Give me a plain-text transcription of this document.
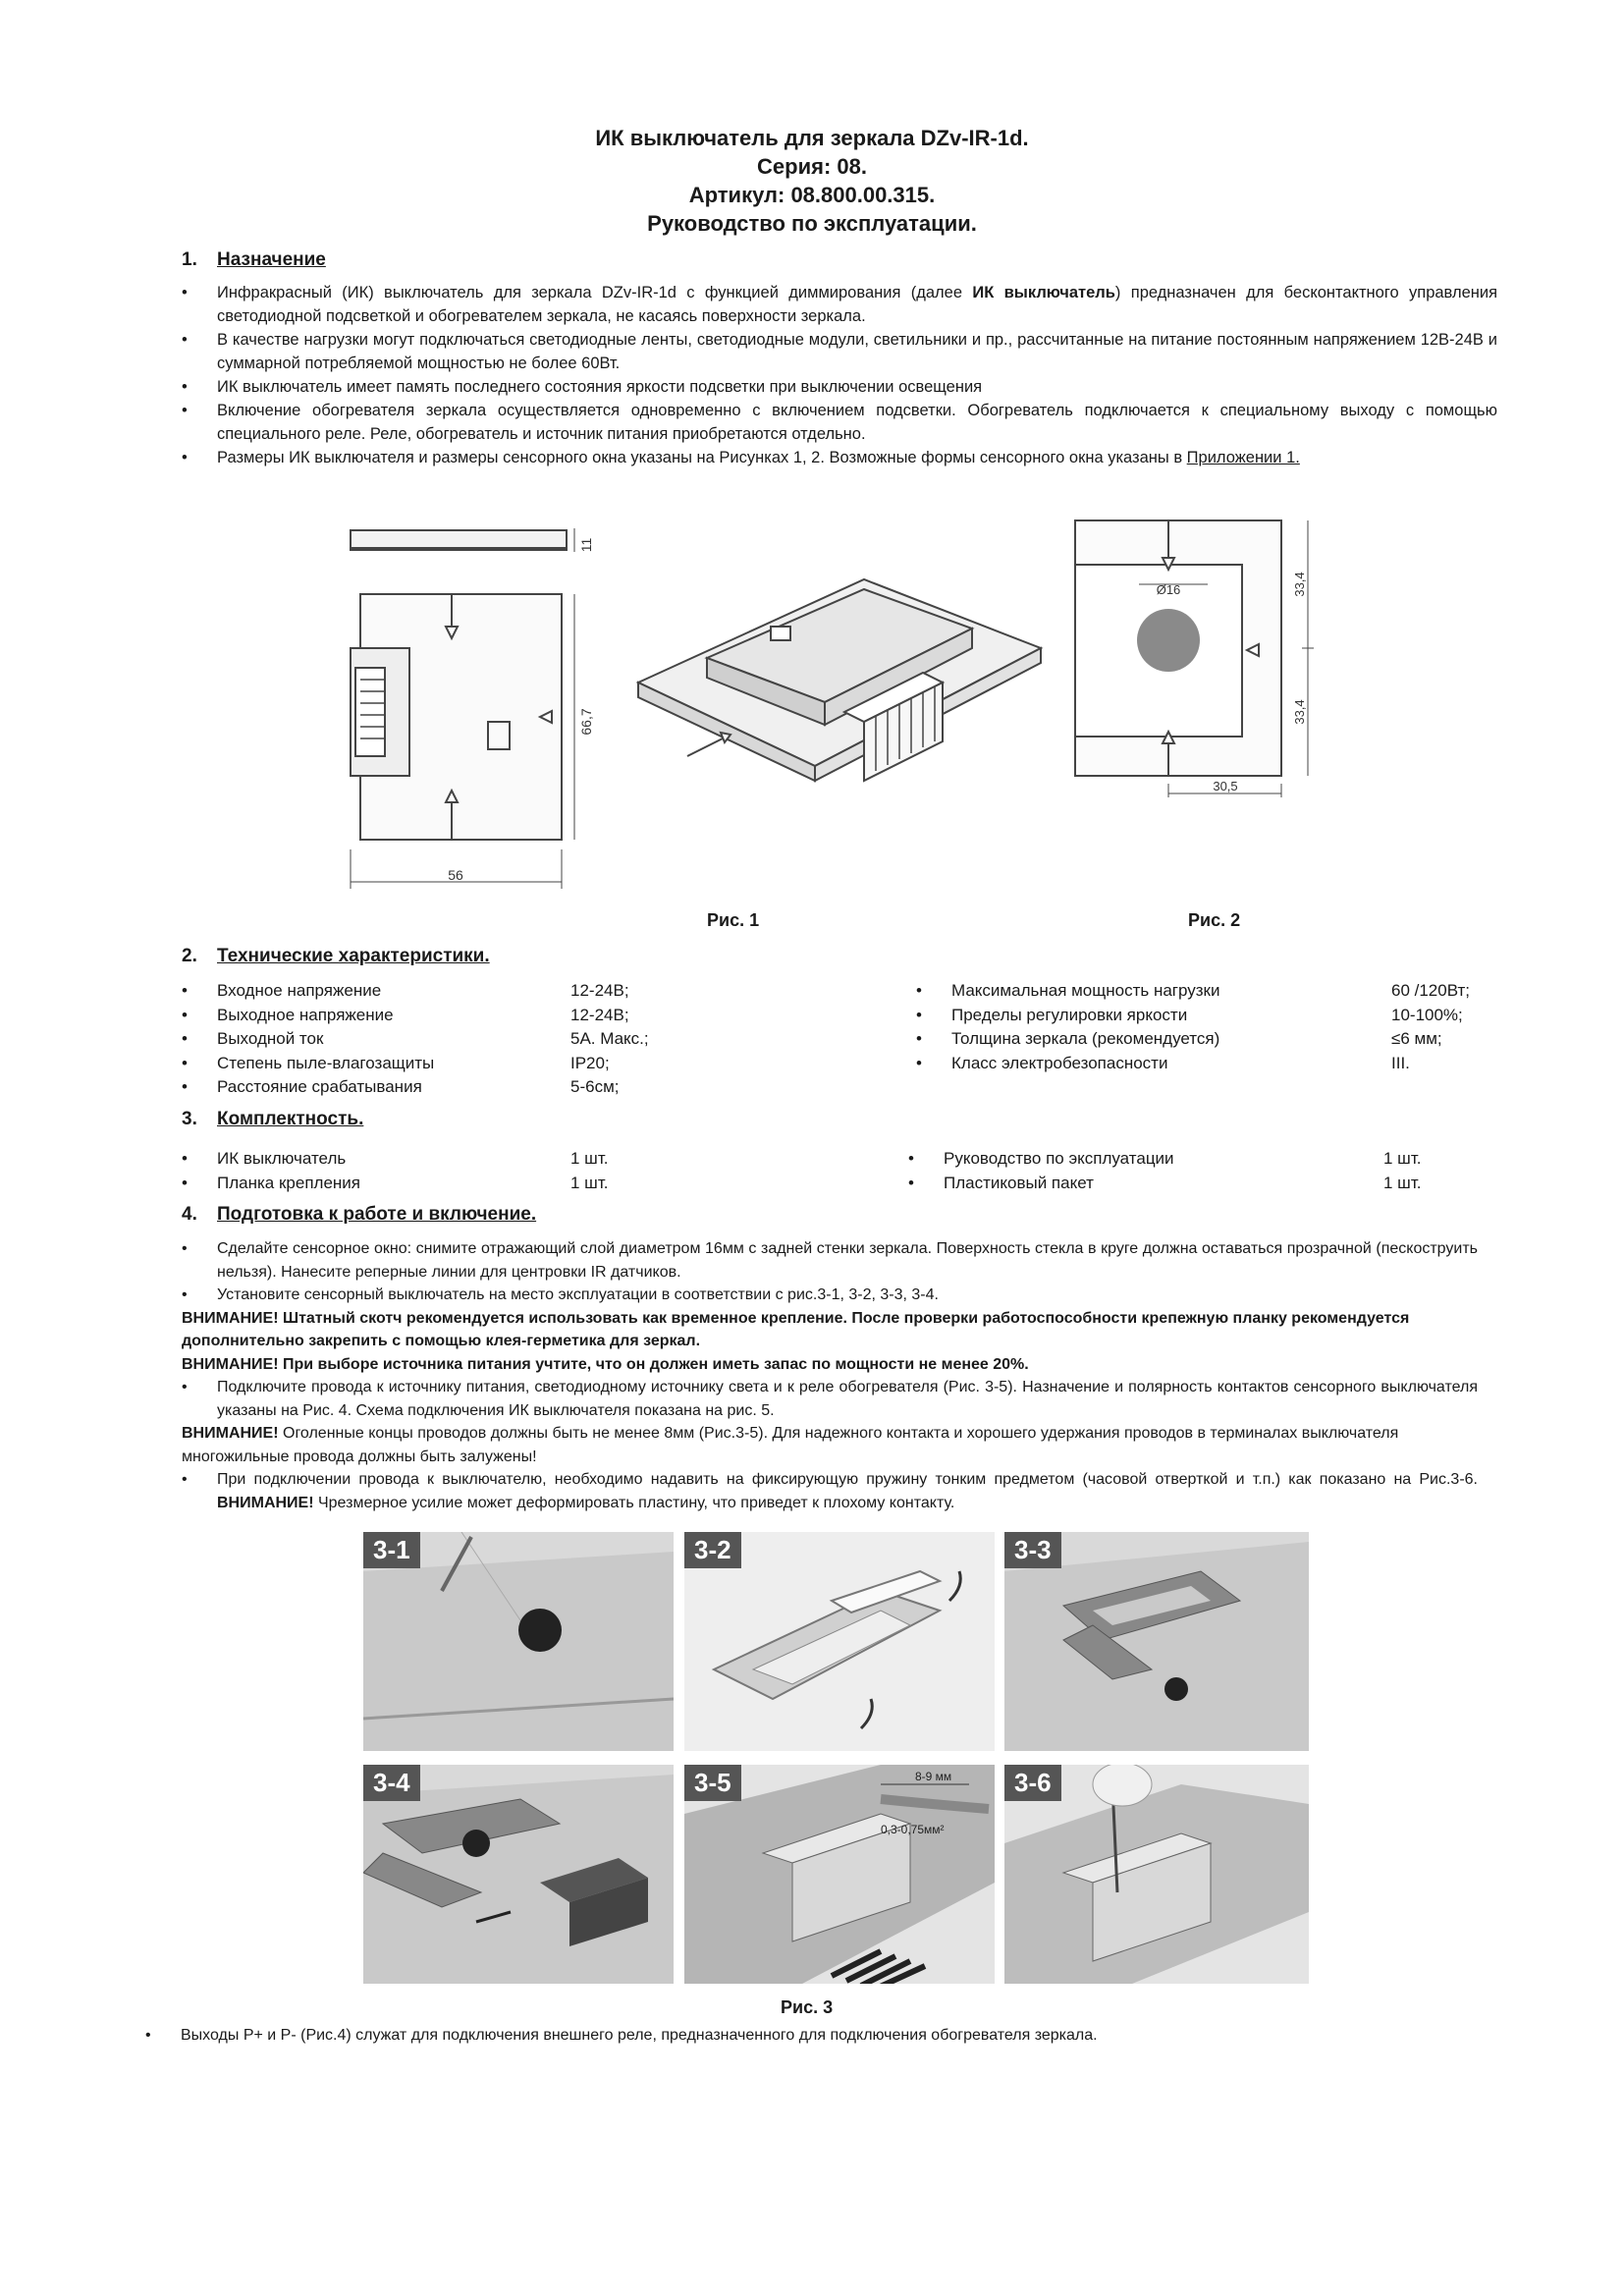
ИК выключатель для зеркала DZv-IR-1d.
Серия: 08.
Артикул: 08.800.00.315.
Руководство по эксплуатации.
1. Назначение
• Инфракрасный (ИК) выключатель для зеркала DZv-IR-1d с функцией диммирования (далее ИК выключатель) предназначен для бесконтактного управления светодиодной подсветкой и обогревателем зеркала, не касаясь поверхности зеркала.
• В качестве нагрузки могут подключаться светодиодные ленты, светодиодные модули, светильники и пр., рассчитанные на питание постоянным напряжением 12В-24В и суммарной потребляемой мощностью не более 60Вт.
• ИК выключатель имеет память последнего состояния яркости подсветки при выключении освещения
• Включение обогревателя зеркала осуществляется одновременно с включением подсветки. Обогреватель подключается к специальному выходу с помощью специального реле. Реле, обогреватель и источник питания приобретаются отдельно.
• Размеры ИК выключателя и размеры сенсорного окна указаны на Рисунках 1, 2. Возможные формы сенсорного окна указаны в Приложении 1.
11
66,7
56
Ø16	33,4
33,4
30,5
Рис. 1	Рис. 2
2. Технические характеристики.
• Входное напряжение	12-24В;
• Выходное напряжение	12-24В;
• Выходной ток	5А. Макс.;
• Степень пыле-влагозащиты	IP20;
• Расстояние срабатывания	5-6см;
• Максимальная мощность нагрузки	60 /120Вт;
• Пределы регулировки яркости	10-100%;
• Толщина зеркала (рекомендуется)	≤6 мм;
• Класс электробезопасности	III.
3. Комплектность.
• ИК выключатель	1 шт.
• Планка крепления	1 шт.
• Руководство по эксплуатации	1 шт.
• Пластиковый пакет	1 шт.
4. Подготовка к работе и включение.
• Сделайте сенсорное окно: снимите отражающий слой диаметром 16мм с задней стенки зеркала. Поверхность стекла в круге должна оставаться прозрачной (пескоструить нельзя). Нанесите реперные линии для центровки IR датчиков.
• Установите сенсорный выключатель на место эксплуатации в соответствии с рис.3-1, 3-2, 3-3, 3-4.
ВНИМАНИЕ! Штатный скотч рекомендуется использовать как временное крепление. После проверки работоспособности крепежную планку рекомендуется дополнительно закрепить с помощью клея-герметика для зеркал.
ВНИМАНИЕ! При выборе источника питания учтите, что он должен иметь запас по мощности не менее 20%.
• Подключите провода к источнику питания, светодиодному источнику света и к реле обогревателя (Рис. 3-5). Назначение и полярность контактов сенсорного выключателя указаны на Рис. 4. Схема подключения ИК выключателя показана на рис. 5.
ВНИМАНИЕ! Оголенные концы проводов должны быть не менее 8мм (Рис.3-5). Для надежного контакта и хорошего удержания проводов в терминалах выключателя многожильные провода должны быть залужены!
• При подключении провода к выключателю, необходимо надавить на фиксирующую пружину тонким предметом (часовой отверткой и т.п.) как показано на Рис.3-6. ВНИМАНИЕ! Чрезмерное усилие может деформировать пластину, что приведет к плохому контакту.
3-1	3-2	3-3
3-4	8-9 мм
0,3-0,75мм²
3-5	3-6
Рис. 3
• Выходы Р+ и Р- (Рис.4) служат для подключения внешнего реле, предназначенного для подключения обогревателя зеркала.
